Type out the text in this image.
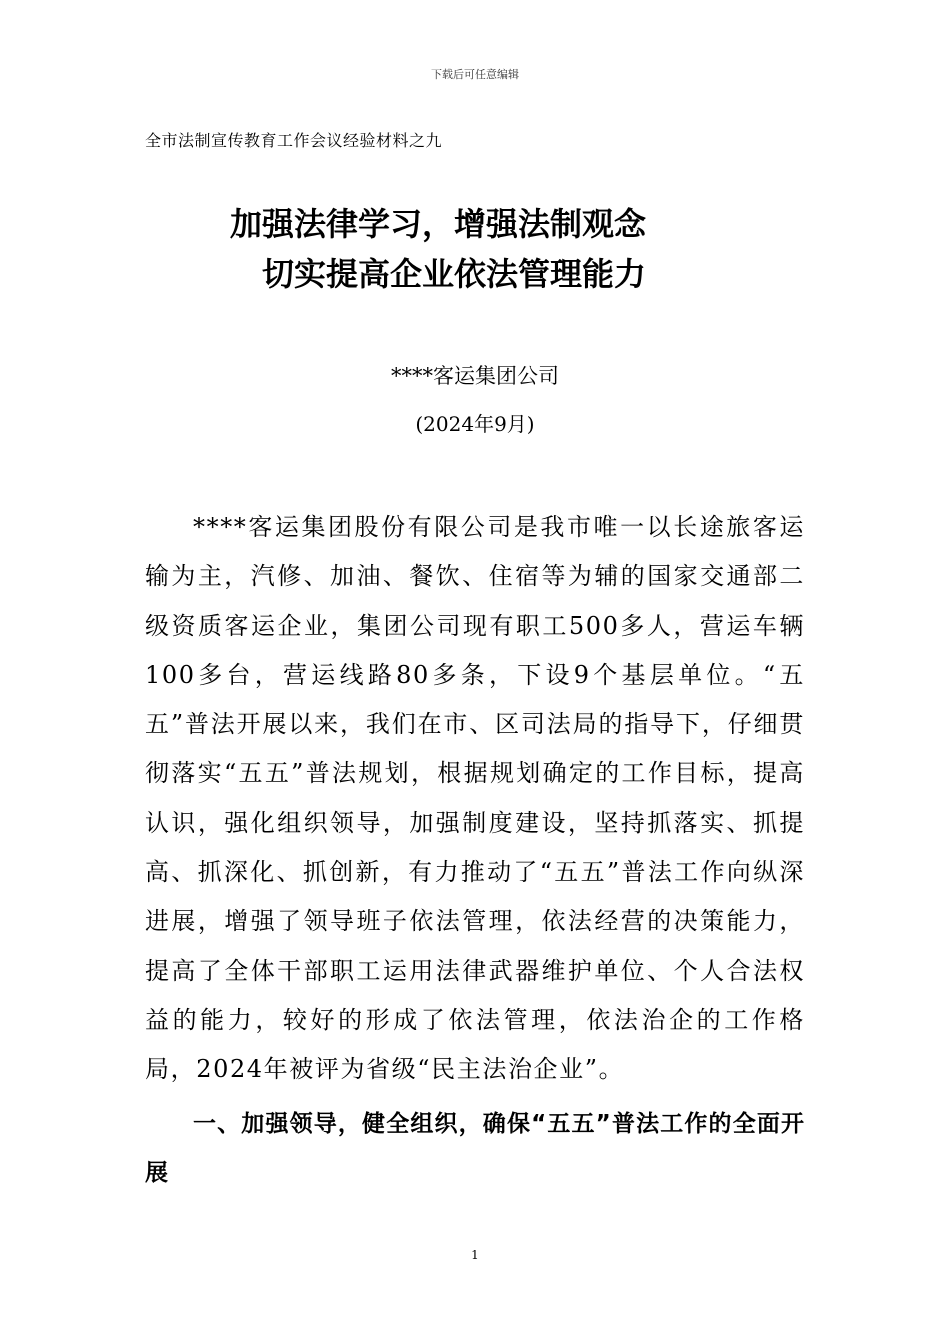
下载后可任意编辑
全市法制宣传教育工作会议经验材料之九
加强法律学习，增强法制观念
切实提高企业依法管理能力
****客运集团公司
(2024年9月)

****客运集团股份有限公司是我市唯一以长途旅客运输为主，汽修、加油、餐饮、住宿等为辅的国家交通部二级资质客运企业，集团公司现有职工500多人，营运车辆100多台，营运线路80多条，下设9个基层单位。“五五”普法开展以来，我们在市、区司法局的指导下，仔细贯彻落实“五五”普法规划，根据规划确定的工作目标，提高认识，强化组织领导，加强制度建设，坚持抓落实、抓提高、抓深化、抓创新，有力推动了“五五”普法工作向纵深进展，增强了领导班子依法管理，依法经营的决策能力，提高了全体干部职工运用法律武器维护单位、个人合法权益的能力，较好的形成了依法管理，依法治企的工作格局，2024年被评为省级“民主法治企业”。

一、加强领导，健全组织，确保“五五”普法工作的全面开展

1
